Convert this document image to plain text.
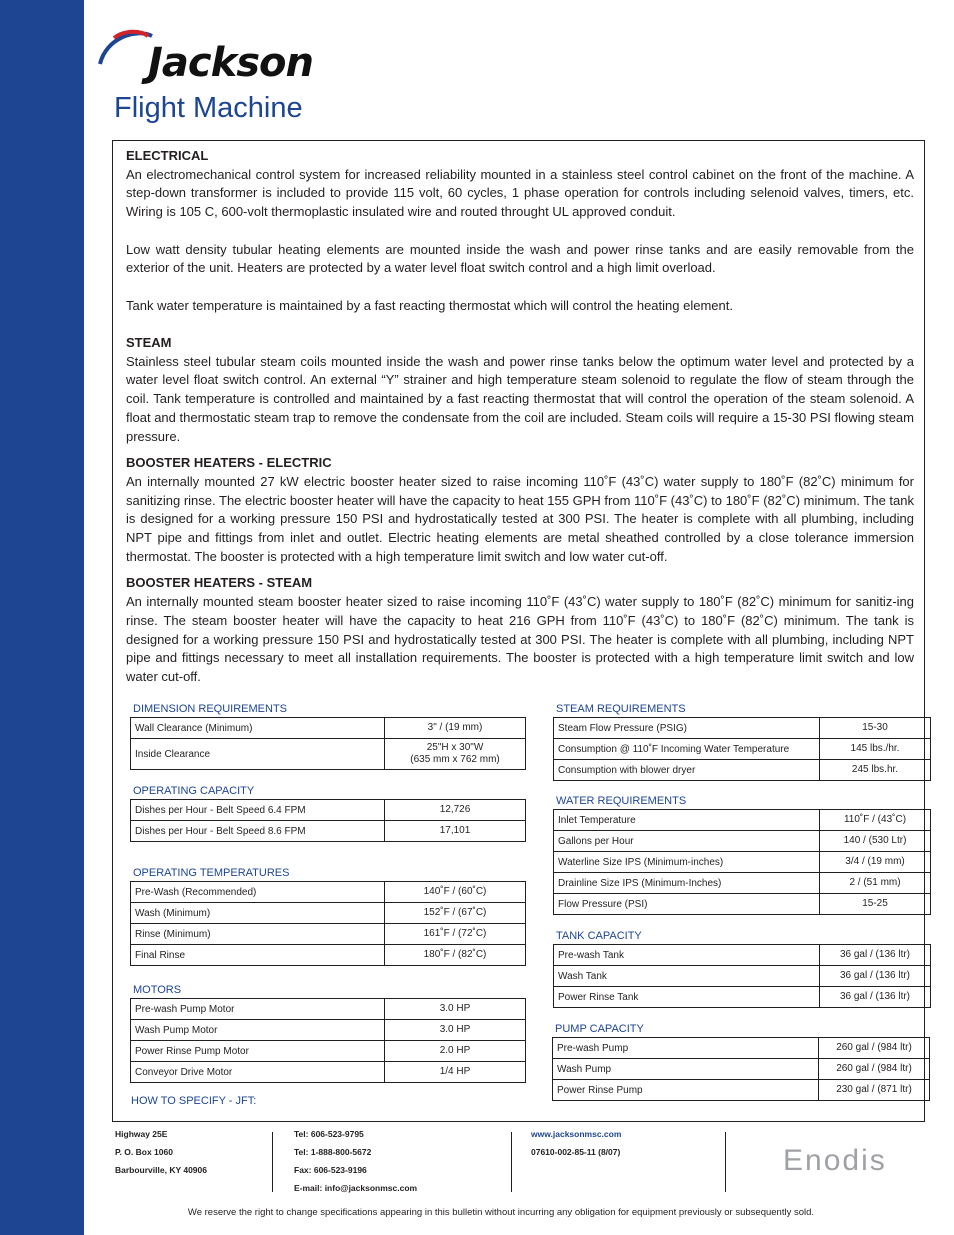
Jackson
Flight Machine
ELECTRICAL

An electromechanical control system for increased reliability mounted in a stainless steel control cabinet on the front of the machine. A step-down transformer is included to provide 115 volt, 60 cycles, 1 phase operation for controls including selenoid valves, timers, etc. Wiring is 105 C, 600-volt thermoplastic insulated wire and routed throught UL approved conduit.

Low watt density tubular heating elements are mounted inside the wash and power rinse tanks and are easily removable from the exterior of the unit. Heaters are protected by a water level float switch control and a high limit overload.

Tank water temperature is maintained by a fast reacting thermostat which will control the heating element.

STEAM

Stainless steel tubular steam coils mounted inside the wash and power rinse tanks below the optimum water level and protected by a water level float switch control. An external “Y” strainer and high temperature steam solenoid to regulate the flow of steam through the coil. Tank temperature is controlled and maintained by a fast reacting thermostat that will control the operation of the steam solenoid. A float and thermostatic steam trap to remove the condensate from the coil are included. Steam coils will require a 15-30 PSI flowing steam pressure.

BOOSTER HEATERS - ELECTRIC

An internally mounted 27 kW electric booster heater sized to raise incoming 110˚F (43˚C) water supply to 180˚F (82˚C) minimum for sanitizing rinse. The electric booster heater will have the capacity to heat 155 GPH from 110˚F (43˚C) to 180˚F (82˚C) minimum. The tank is designed for a working pressure 150 PSI and hydrostatically tested at 300 PSI. The heater is complete with all plumbing, including NPT pipe and fittings from inlet and outlet. Electric heating elements are metal sheathed controlled by a close tolerance immersion thermostat. The booster is protected with a high temperature limit switch and low water cut-off.

BOOSTER HEATERS - STEAM

An internally mounted steam booster heater sized to raise incoming 110˚F (43˚C) water supply to 180˚F (82˚C) minimum for sanitiz-ing rinse. The steam booster heater will have the capacity to heat 216 GPH from 110˚F (43˚C) to 180˚F (82˚C) minimum. The tank is designed for a working pressure 150 PSI and hydrostatically tested at 300 PSI. The heater is complete with all plumbing, including NPT pipe and fittings necessary to meet all installation requirements. The booster is protected with a high temperature limit switch and low water cut-off.

DIMENSION REQUIREMENTS
Wall Clearance (Minimum)	3" / (19 mm)
Inside Clearance	25"H x 30"W
(635 mm x 762 mm)
OPERATING CAPACITY
Dishes per Hour - Belt Speed 6.4 FPM	12,726
Dishes per Hour - Belt Speed 8.6 FPM	17,101
OPERATING TEMPERATURES
Pre-Wash (Recommended)	140˚F / (60˚C)
Wash (Minimum)	152˚F / (67˚C)
Rinse (Minimum)	161˚F / (72˚C)
Final Rinse	180˚F / (82˚C)
MOTORS
Pre-wash Pump Motor	3.0 HP
Wash Pump Motor	3.0 HP
Power Rinse Pump Motor	2.0 HP
Conveyor Drive Motor	1/4 HP
HOW TO SPECIFY - JFT:
STEAM REQUIREMENTS
Steam Flow Pressure (PSIG)	15-30
Consumption @ 110˚F Incoming Water Temperature	145 lbs./hr.
Consumption with blower dryer	245 lbs.hr.
WATER REQUIREMENTS
Inlet Temperature	110˚F / (43˚C)
Gallons per Hour	140 / (530 Ltr)
Waterline Size IPS (Minimum-inches)	3/4 / (19 mm)
Drainline Size IPS (Minimum-Inches)	2 / (51 mm)
Flow Pressure (PSI)	15-25
TANK CAPACITY
Pre-wash Tank	36 gal / (136 ltr)
Wash Tank	36 gal / (136 ltr)
Power Rinse Tank	36 gal / (136 ltr)
PUMP CAPACITY
Pre-wash Pump	260 gal / (984 ltr)
Wash Pump	260 gal / (984 ltr)
Power Rinse Pump	230 gal / (871 ltr)
Highway 25E
P. O. Box 1060
Barbourville, KY 40906
Tel: 606-523-9795
Tel: 1-888-800-5672
Fax: 606-523-9196
E-mail: info@jacksonmsc.com
www.jacksonmsc.com
07610-002-85-11 (8/07)	Enodis
We reserve the right to change specifications appearing in this bulletin without incurring any obligation for equipment previously or subsequently sold.
